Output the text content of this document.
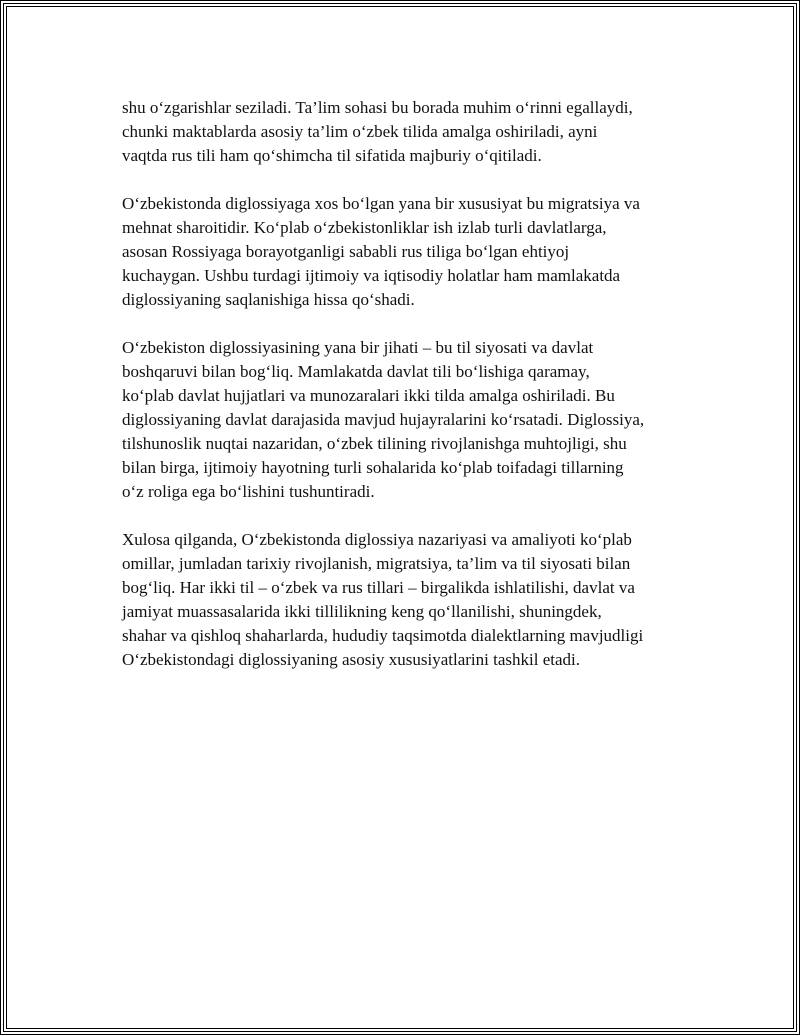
shu o‘zgarishlar seziladi. Ta’lim sohasi bu borada muhim o‘rinni egallaydi,
chunki maktablarda asosiy ta’lim o‘zbek tilida amalga oshiriladi, ayni
vaqtda rus tili ham qo‘shimcha til sifatida majburiy o‘qitiladi.

O‘zbekistonda diglossiyaga xos bo‘lgan yana bir xususiyat bu migratsiya va
mehnat sharoitidir. Ko‘plab o‘zbekistonliklar ish izlab turli davlatlarga,
asosan Rossiyaga borayotganligi sababli rus tiliga bo‘lgan ehtiyoj
kuchaygan. Ushbu turdagi ijtimoiy va iqtisodiy holatlar ham mamlakatda
diglossiyaning saqlanishiga hissa qo‘shadi.

O‘zbekiston diglossiyasining yana bir jihati – bu til siyosati va davlat
boshqaruvi bilan bog‘liq. Mamlakatda davlat tili bo‘lishiga qaramay,
ko‘plab davlat hujjatlari va munozaralari ikki tilda amalga oshiriladi. Bu
diglossiyaning davlat darajasida mavjud hujayralarini ko‘rsatadi. Diglossiya,
tilshunoslik nuqtai nazaridan, o‘zbek tilining rivojlanishga muhtojligi, shu
bilan birga, ijtimoiy hayotning turli sohalarida ko‘plab toifadagi tillarning
o‘z roliga ega bo‘lishini tushuntiradi.

Xulosa qilganda, O‘zbekistonda diglossiya nazariyasi va amaliyoti ko‘plab
omillar, jumladan tarixiy rivojlanish, migratsiya, ta’lim va til siyosati bilan
bog‘liq. Har ikki til – o‘zbek va rus tillari – birgalikda ishlatilishi, davlat va
jamiyat muassasalarida ikki tillilikning keng qo‘llanilishi, shuningdek,
shahar va qishloq shaharlarda, hududiy taqsimotda dialektlarning mavjudligi
O‘zbekistondagi diglossiyaning asosiy xususiyatlarini tashkil etadi.
